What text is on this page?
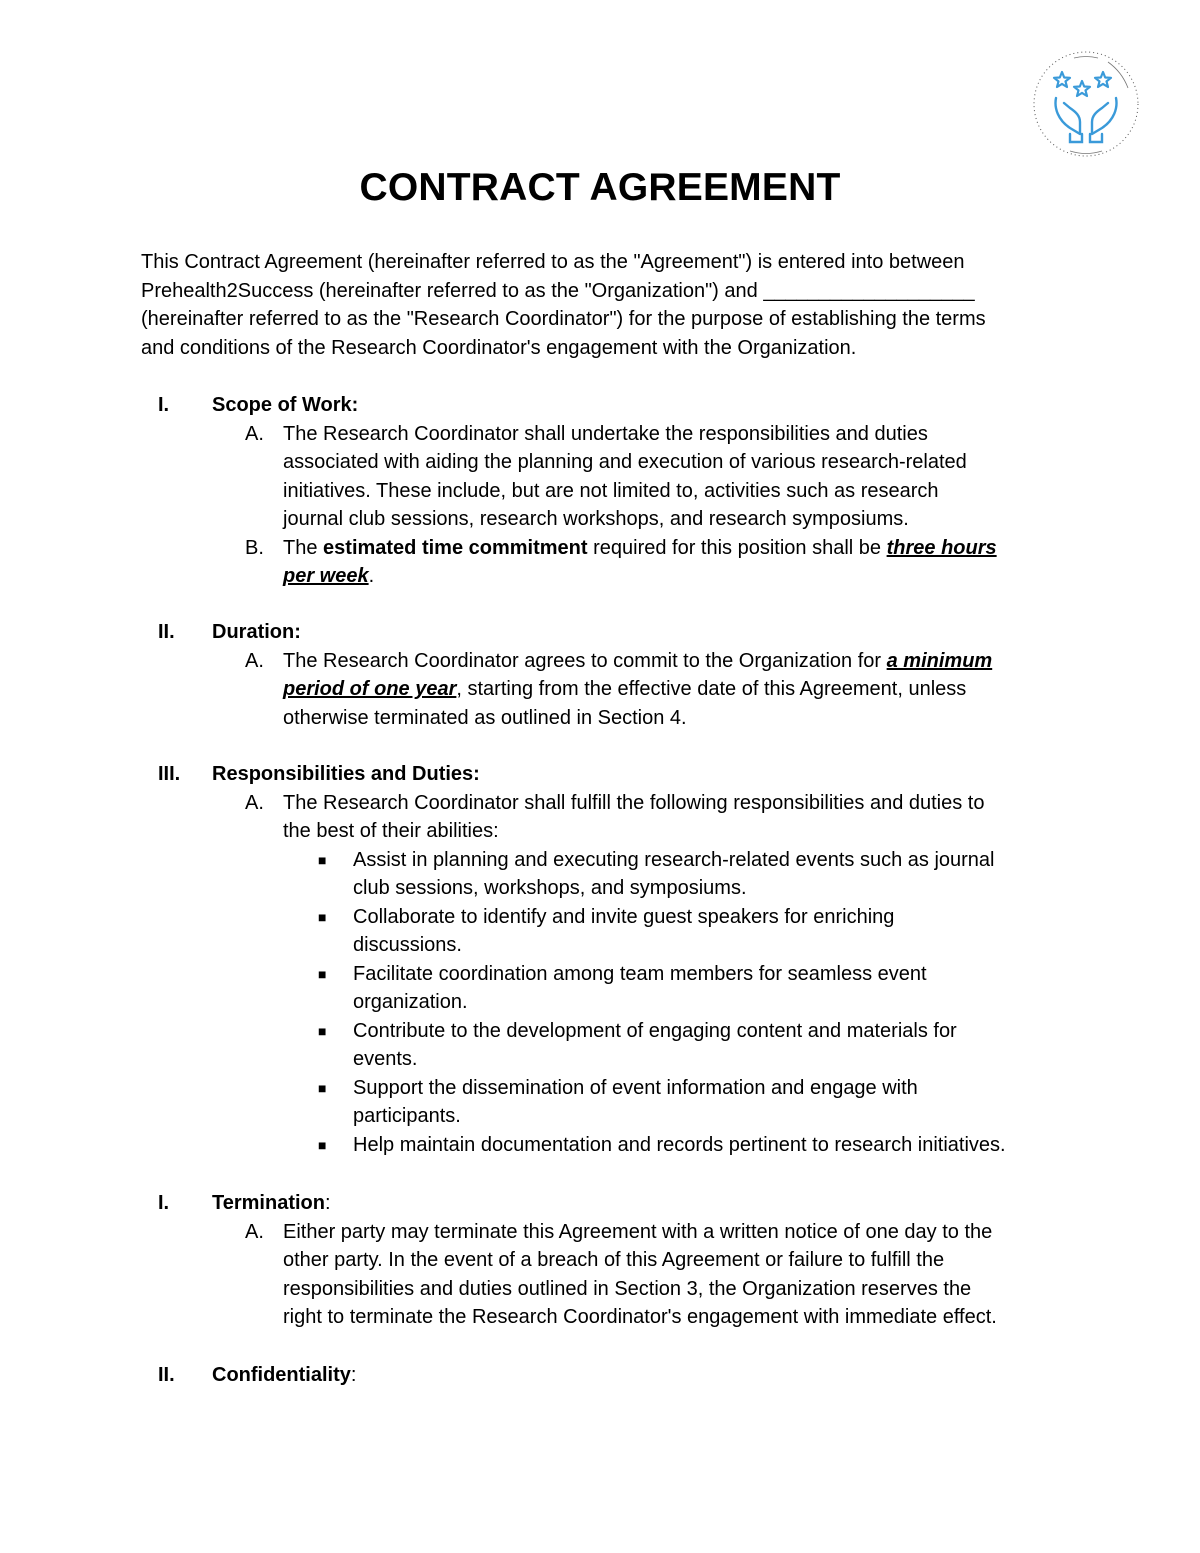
CONTRACT AGREEMENT
This Contract Agreement (hereinafter referred to as the "Agreement") is entered into between
Prehealth2Success (hereinafter referred to as the "Organization") and ___________________
(hereinafter referred to as the "Research Coordinator") for the purpose of establishing the terms
and conditions of the Research Coordinator's engagement with the Organization.
I. Scope of Work:
A. The Research Coordinator shall undertake the responsibilities and duties
associated with aiding the planning and execution of various research-related
initiatives. These include, but are not limited to, activities such as research
journal club sessions, research workshops, and research symposiums.
B. The estimated time commitment required for this position shall be three hours
per week.
II. Duration:
A. The Research Coordinator agrees to commit to the Organization for a minimum
period of one year, starting from the effective date of this Agreement, unless
otherwise terminated as outlined in Section 4.
III. Responsibilities and Duties:
A. The Research Coordinator shall fulfill the following responsibilities and duties to
the best of their abilities:
■ Assist in planning and executing research-related events such as journal
club sessions, workshops, and symposiums.
■ Collaborate to identify and invite guest speakers for enriching
discussions.
■ Facilitate coordination among team members for seamless event
organization.
■ Contribute to the development of engaging content and materials for
events.
■ Support the dissemination of event information and engage with
participants.
■ Help maintain documentation and records pertinent to research initiatives.
I. Termination:
A. Either party may terminate this Agreement with a written notice of one day to the
other party. In the event of a breach of this Agreement or failure to fulfill the
responsibilities and duties outlined in Section 3, the Organization reserves the
right to terminate the Research Coordinator's engagement with immediate effect.
II. Confidentiality:
